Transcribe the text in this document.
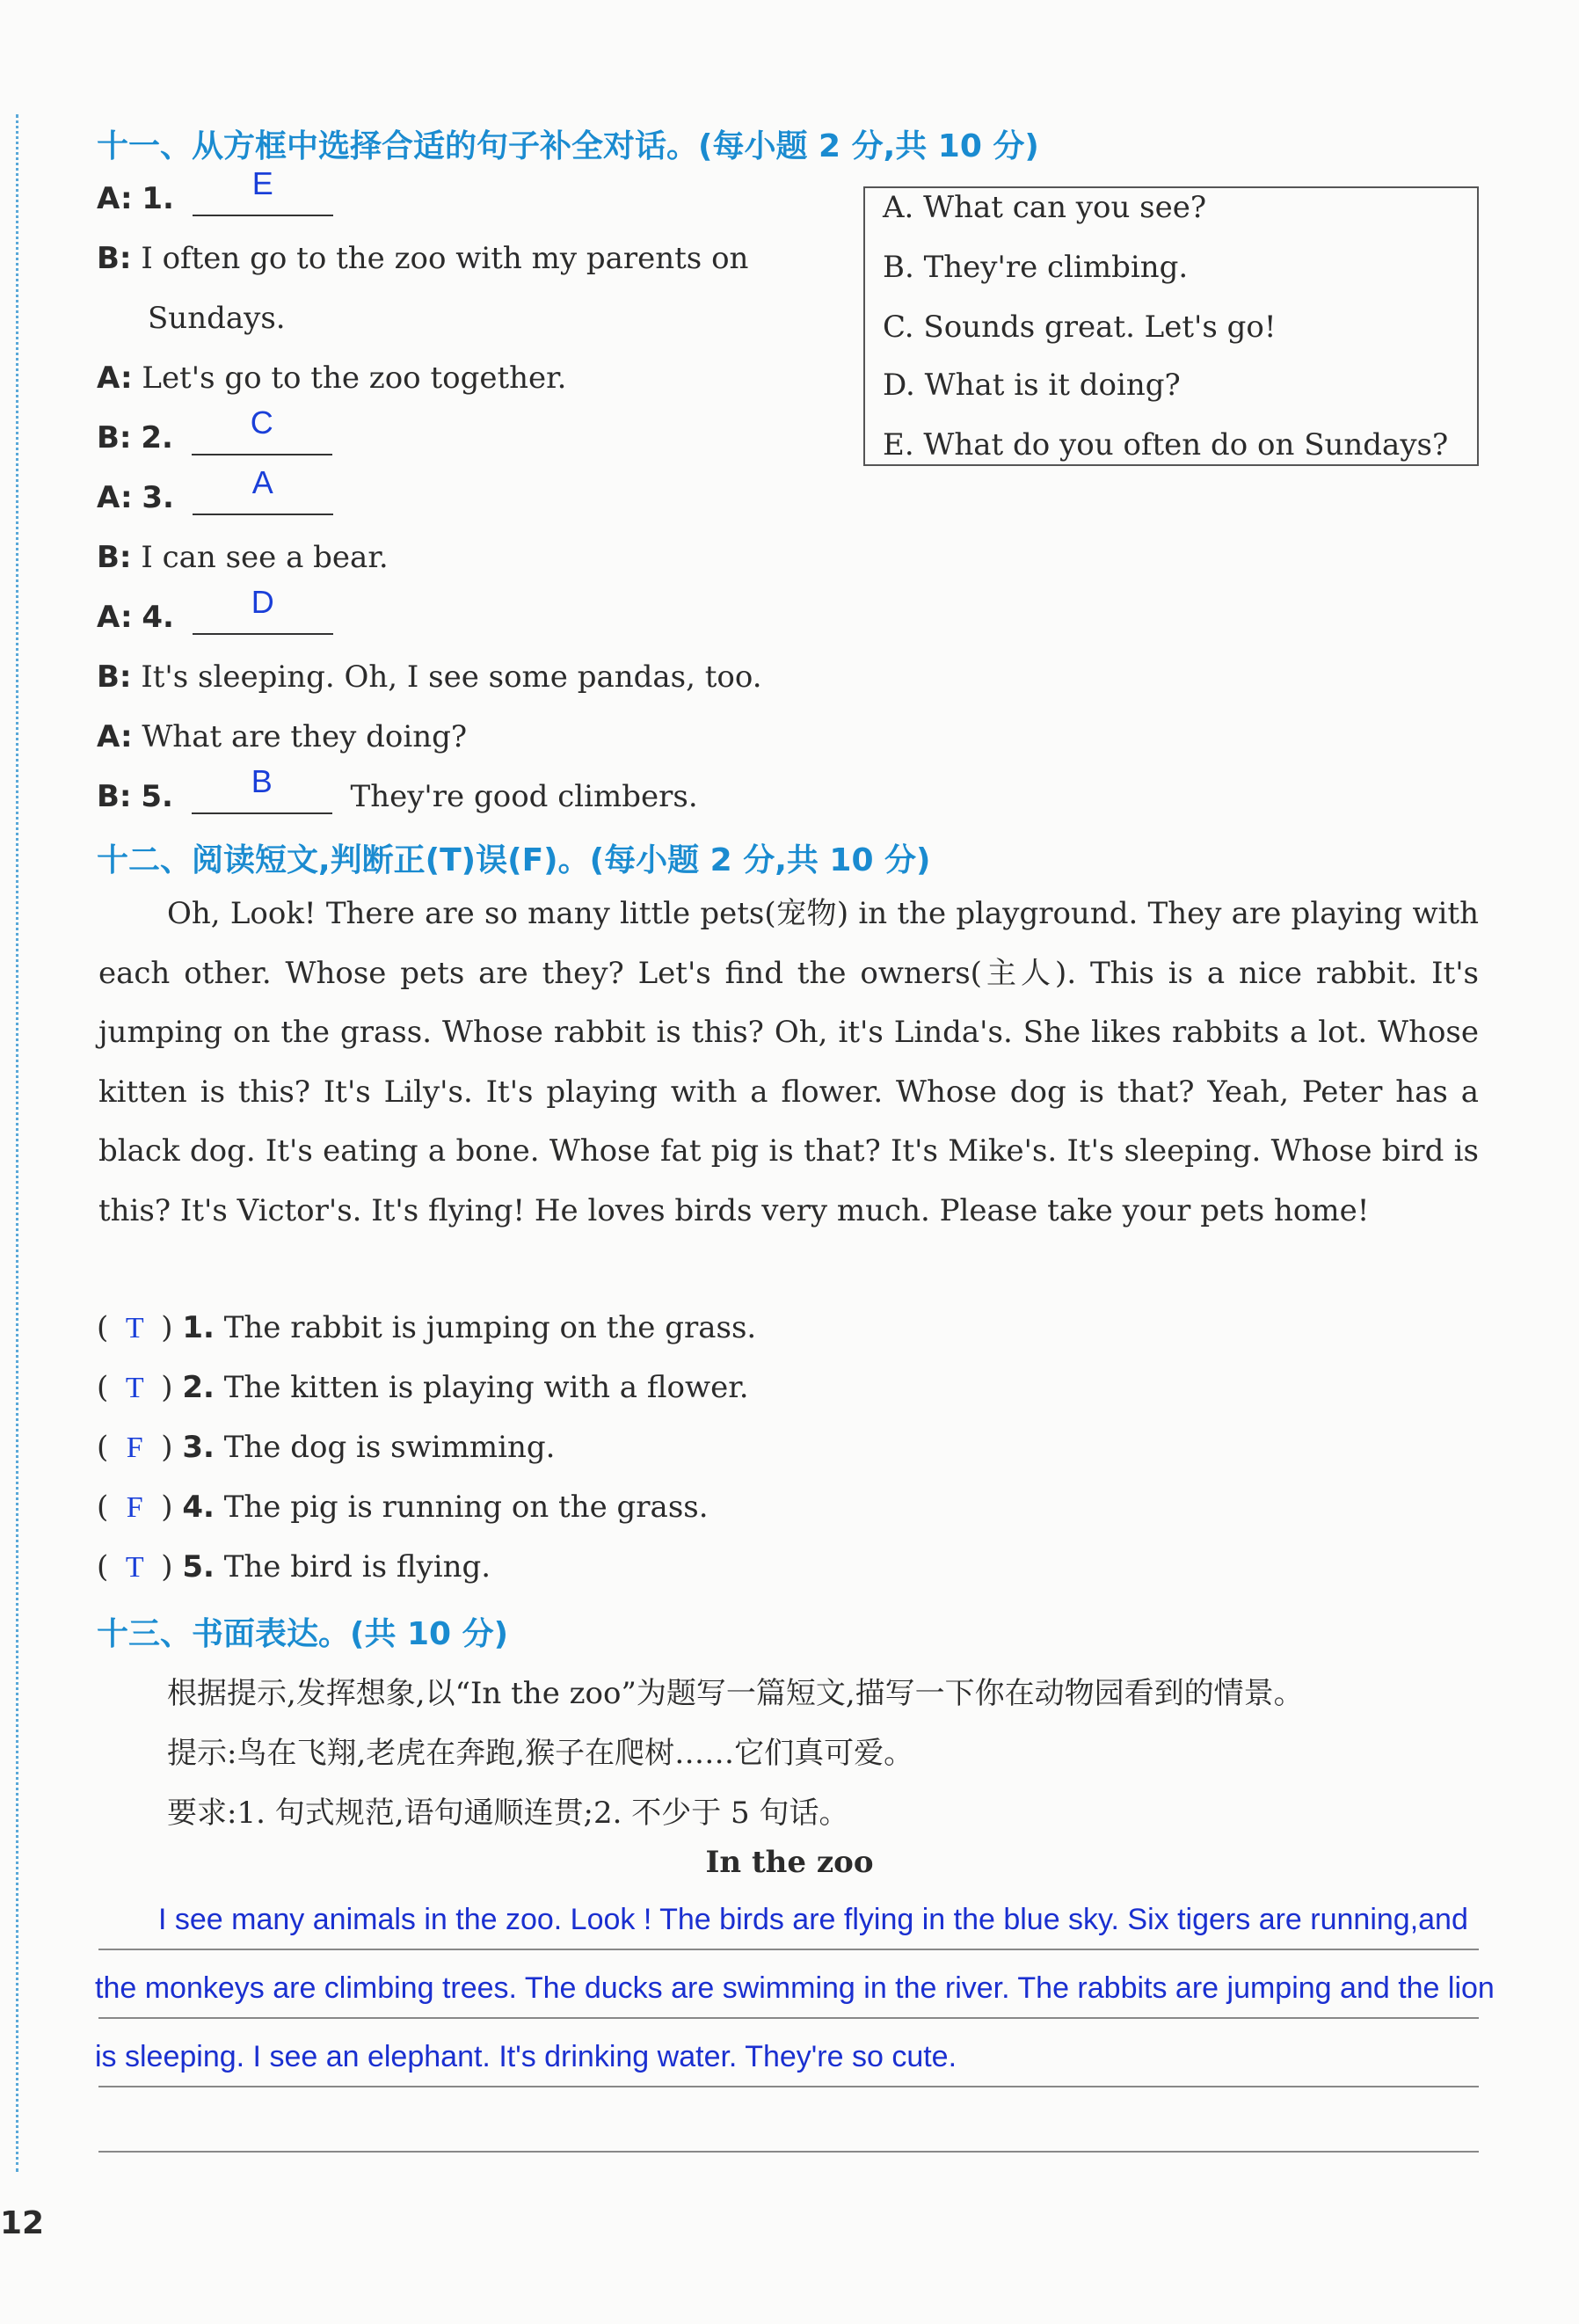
十一、从方框中选择合适的句子补全对话。(每小题 2 分,共 10 分)
A: 1.	E
B: I often go to the zoo with my parents on
Sundays.
A: Let's go to the zoo together.
B: 2.	C
A: 3.	A
B: I can see a bear.
A: 4.	D
B: It's sleeping. Oh, I see some pandas, too.
A: What are they doing?
B: 5.	B	They're good climbers.
A. What can you see?
B. They're climbing.
C. Sounds great. Let's go!
D. What is it doing?
E. What do you often do on Sundays?
十二、阅读短文,判断正(T)误(F)。(每小题 2 分,共 10 分)
Oh, Look! There are so many little pets(宠物) in the playground. They are playing with each other. Whose pets are they? Let's find the owners(主人). This is a nice rabbit. It's jumping on the grass. Whose rabbit is this? Oh, it's Linda's. She likes rabbits a lot. Whose kitten is this? It's Lily's. It's playing with a flower. Whose dog is that? Yeah, Peter has a black dog. It's eating a bone. Whose fat pig is that? It's Mike's. It's sleeping. Whose bird is this? It's Victor's. It's flying! He loves birds very much. Please take your pets home!
( T ) 1. The rabbit is jumping on the grass.
( T ) 2. The kitten is playing with a flower.
( F ) 3. The dog is swimming.
( F ) 4. The pig is running on the grass.
( T ) 5. The bird is flying.
十三、书面表达。(共 10 分)
根据提示,发挥想象,以“In the zoo”为题写一篇短文,描写一下你在动物园看到的情景。
提示:鸟在飞翔,老虎在奔跑,猴子在爬树……它们真可爱。
要求:1. 句式规范,语句通顺连贯;2. 不少于 5 句话。
In the zoo
I see many animals in the zoo. Look ! The birds are flying in the blue sky. Six tigers are running,and
the monkeys are climbing trees. The ducks are swimming in the river. The rabbits are jumping and the lion
is sleeping. I see an elephant. It's drinking water. They're so cute.
12
